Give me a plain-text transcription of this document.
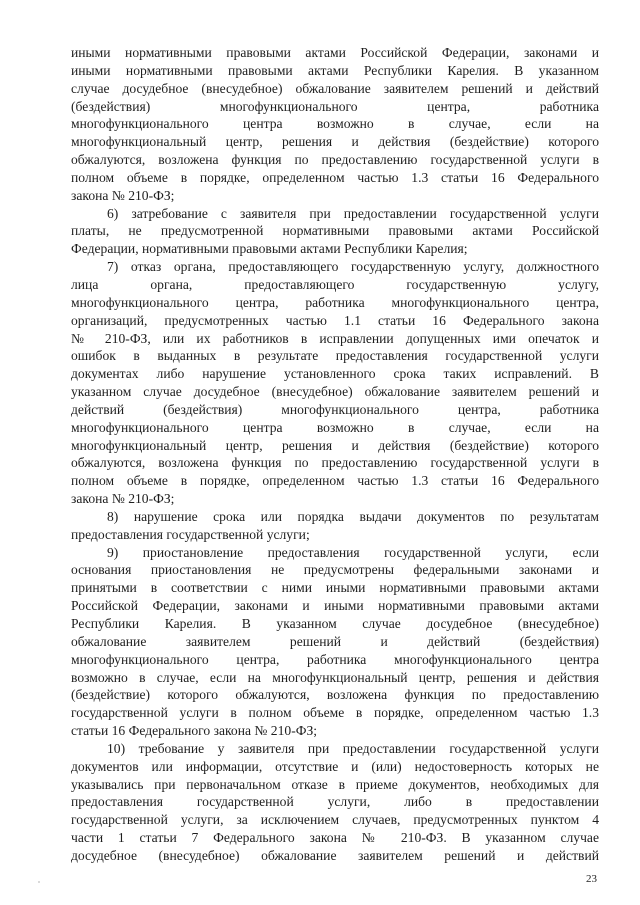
иными нормативными правовыми актами Российской Федерации, законами и
иными нормативными правовыми актами Республики Карелия. В указанном
случае досудебное (внесудебное) обжалование заявителем решений и действий
(бездействия) многофункционального центра, работника
многофункционального центра возможно в случае, если на
многофункциональный центр, решения и действия (бездействие) которого
обжалуются, возложена функция по предоставлению государственной услуги в
полном объеме в порядке, определенном частью 1.3 статьи 16 Федерального
закона № 210-ФЗ;
6) затребование с заявителя при предоставлении государственной услуги
платы, не предусмотренной нормативными правовыми актами Российской
Федерации, нормативными правовыми актами Республики Карелия;
7) отказ органа, предоставляющего государственную услугу, должностного
лица органа, предоставляющего государственную услугу,
многофункционального центра, работника многофункционального центра,
организаций, предусмотренных частью 1.1 статьи 16 Федерального закона
№ 210-ФЗ, или их работников в исправлении допущенных ими опечаток и
ошибок в выданных в результате предоставления государственной услуги
документах либо нарушение установленного срока таких исправлений. В
указанном случае досудебное (внесудебное) обжалование заявителем решений и
действий (бездействия) многофункционального центра, работника
многофункционального центра возможно в случае, если на
многофункциональный центр, решения и действия (бездействие) которого
обжалуются, возложена функция по предоставлению государственной услуги в
полном объеме в порядке, определенном частью 1.3 статьи 16 Федерального
закона № 210-ФЗ;
8) нарушение срока или порядка выдачи документов по результатам
предоставления государственной услуги;
9) приостановление предоставления государственной услуги, если
основания приостановления не предусмотрены федеральными законами и
принятыми в соответствии с ними иными нормативными правовыми актами
Российской Федерации, законами и иными нормативными правовыми актами
Республики Карелия. В указанном случае досудебное (внесудебное)
обжалование заявителем решений и действий (бездействия)
многофункционального центра, работника многофункционального центра
возможно в случае, если на многофункциональный центр, решения и действия
(бездействие) которого обжалуются, возложена функция по предоставлению
государственной услуги в полном объеме в порядке, определенном частью 1.3
статьи 16 Федерального закона № 210-ФЗ;
10) требование у заявителя при предоставлении государственной услуги
документов или информации, отсутствие и (или) недостоверность которых не
указывались при первоначальном отказе в приеме документов, необходимых для
предоставления государственной услуги, либо в предоставлении
государственной услуги, за исключением случаев, предусмотренных пунктом 4
части 1 статьи 7 Федерального закона № 210-ФЗ. В указанном случае
досудебное (внесудебное) обжалование заявителем решений и действий
23
